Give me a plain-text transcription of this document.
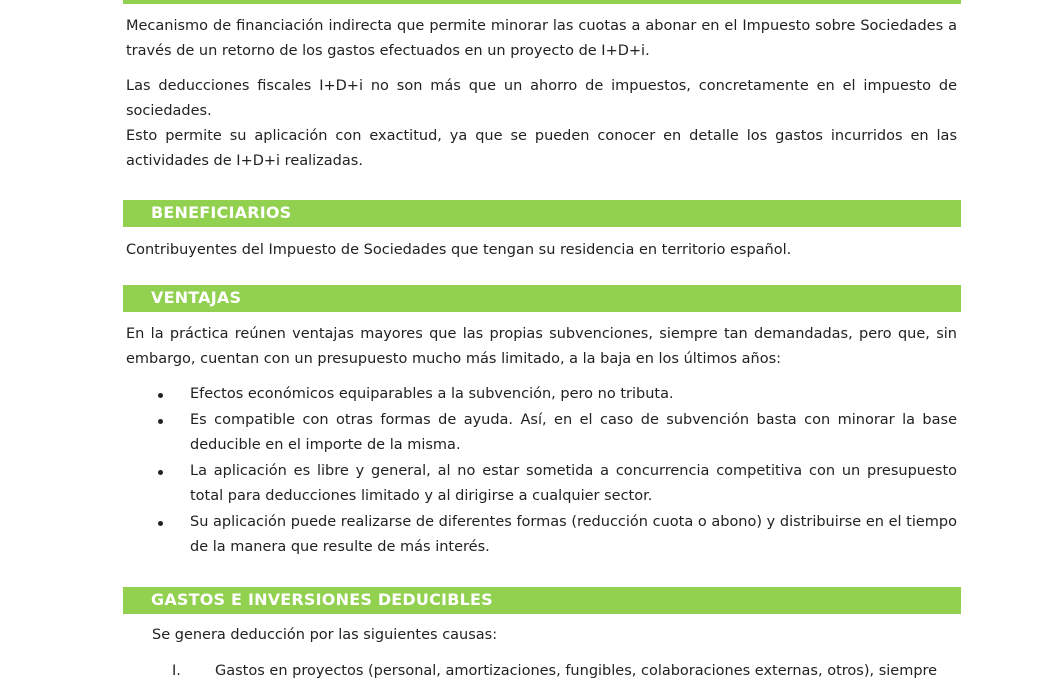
Mecanismo de financiación indirecta que permite minorar las cuotas a abonar en el Impuesto sobre Sociedades a través de un retorno de los gastos efectuados en un proyecto de I+D+i.

Las deducciones fiscales I+D+i no son más que un ahorro de impuestos, concretamente en el impuesto de sociedades.

Esto permite su aplicación con exactitud, ya que se pueden conocer en detalle los gastos incurridos en las actividades de I+D+i realizadas.

BENEFICIARIOS

Contribuyentes del Impuesto de Sociedades que tengan su residencia en territorio español.

VENTAJAS

En la práctica reúnen ventajas mayores que las propias subvenciones, siempre tan demandadas, pero que, sin embargo, cuentan con un presupuesto mucho más limitado, a la baja en los últimos años:

Efectos económicos equiparables a la subvención, pero no tributa.
Es compatible con otras formas de ayuda. Así, en el caso de subvención basta con minorar la base deducible en el importe de la misma.
La aplicación es libre y general, al no estar sometida a concurrencia competitiva con un presupuesto total para deducciones limitado y al dirigirse a cualquier sector.
Su aplicación puede realizarse de diferentes formas (reducción cuota o abono) y distribuirse en el tiempo de la manera que resulte de más interés.
GASTOS E INVERSIONES DEDUCIBLES

Se genera deducción por las siguientes causas:

I. Gastos en proyectos (personal, amortizaciones, fungibles, colaboraciones externas, otros), siempre
